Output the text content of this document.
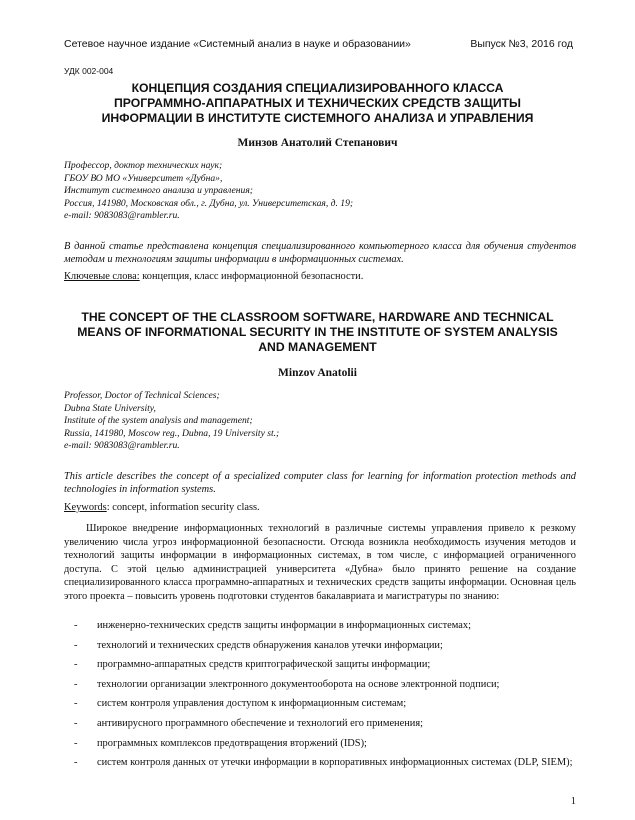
Сетевое научное издание «Системный анализ в науке и образовании»	Выпуск №3, 2016 год
УДК 002-004
КОНЦЕПЦИЯ СОЗДАНИЯ СПЕЦИАЛИЗИРОВАННОГО КЛАССА
ПРОГРАММНО-АППАРАТНЫХ И ТЕХНИЧЕСКИХ СРЕДСТВ ЗАЩИТЫ
ИНФОРМАЦИИ В ИНСТИТУТЕ СИСТЕМНОГО АНАЛИЗА И УПРАВЛЕНИЯ
Минзов Анатолий Степанович
Профессор, доктор технических наук;
ГБОУ ВО МО «Университет «Дубна»,
Институт системного анализа и управления;
Россия, 141980, Московская обл., г. Дубна, ул. Университетская, д. 19;
e-mail: 9083083@rambler.ru.
В данной статье представлена концепция специализированного компьютерного класса для обучения студентов методам и технологиям защиты информации в информационных системах.
Ключевые слова: концепция, класс информационной безопасности.
THE CONCEPT OF THE CLASSROOM SOFTWARE, HARDWARE AND TECHNICAL
MEANS OF INFORMATIONAL SECURITY IN THE INSTITUTE OF SYSTEM ANALYSIS
AND MANAGEMENT
Minzov Anatolii
Professor, Doctor of Technical Sciences;
Dubna State University,
Institute of the system analysis and management;
Russia, 141980, Moscow reg., Dubna, 19 University st.;
e-mail: 9083083@rambler.ru.
This article describes the concept of a specialized computer class for learning for information protection methods and technologies in information systems.
Keywords: concept, information security class.
Широкое внедрение информационных технологий в различные системы управления привело к резкому увеличению числа угроз информационной безопасности. Отсюда возникла необходимость изучения методов и технологий защиты информации в информационных системах, в том числе, с информацией ограниченного доступа. С этой целью администрацией университета «Дубна» было принято решение на создание специализированного класса программно-аппаратных и технических средств защиты информации. Основная цель этого проекта – повысить уровень подготовки студентов бакалавриата и магистратуры по знанию:
- инженерно-технических средств защиты информации в информационных системах;
- технологий и технических средств обнаружения каналов утечки информации;
- программно-аппаратных средств криптографической защиты информации;
- технологии организации электронного документооборота на основе электронной подписи;
- систем контроля управления доступом к информационным системам;
- антивирусного программного обеспечение и технологий его применения;
- программных комплексов предотвращения вторжений (IDS);
- систем контроля данных от утечки информации в корпоративных информационных системах (DLP, SIEM);
1
